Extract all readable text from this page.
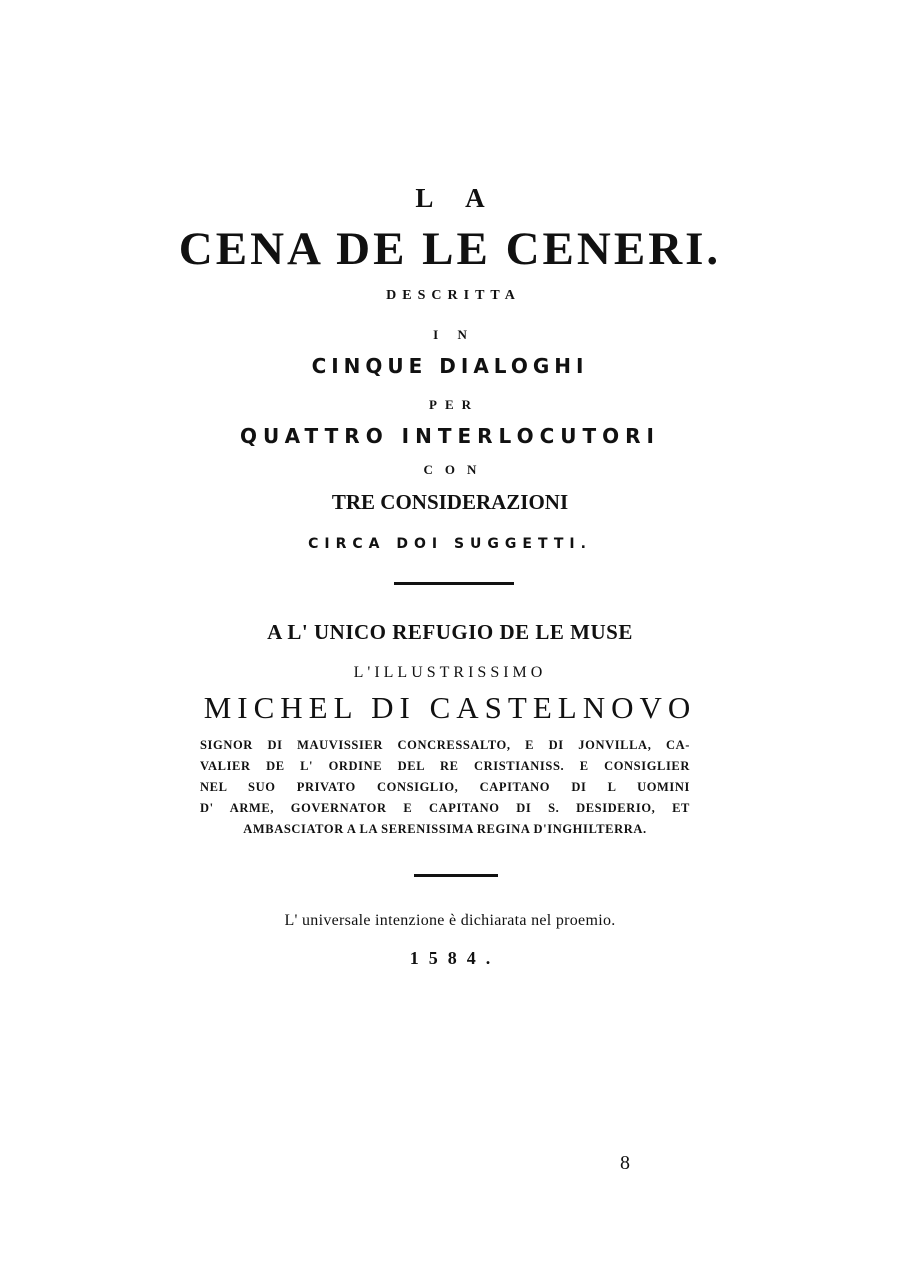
L A

CENA DE LE CENERI.

DESCRITTA

I N

CINQUE DIALOGHI

PER

QUATTRO INTERLOCUTORI

CON

TRE CONSIDERAZIONI

CIRCA DOI SUGGETTI.

A L' UNICO REFUGIO DE LE MUSE

L'ILLUSTRISSIMO

MICHEL DI CASTELNOVO

SIGNOR DI MAUVISSIER CONCRESSALTO, E DI JONVILLA, CA-
VALIER DE L' ORDINE DEL RE CRISTIANISS. E CONSIGLIER
NEL SUO PRIVATO CONSIGLIO, CAPITANO DI L UOMINI
D' ARME, GOVERNATOR E CAPITANO DI S. DESIDERIO, ET
AMBASCIATOR A LA SERENISSIMA REGINA D'INGHILTERRA.

L' universale intenzione è dichiarata nel proemio.

1584.

8
